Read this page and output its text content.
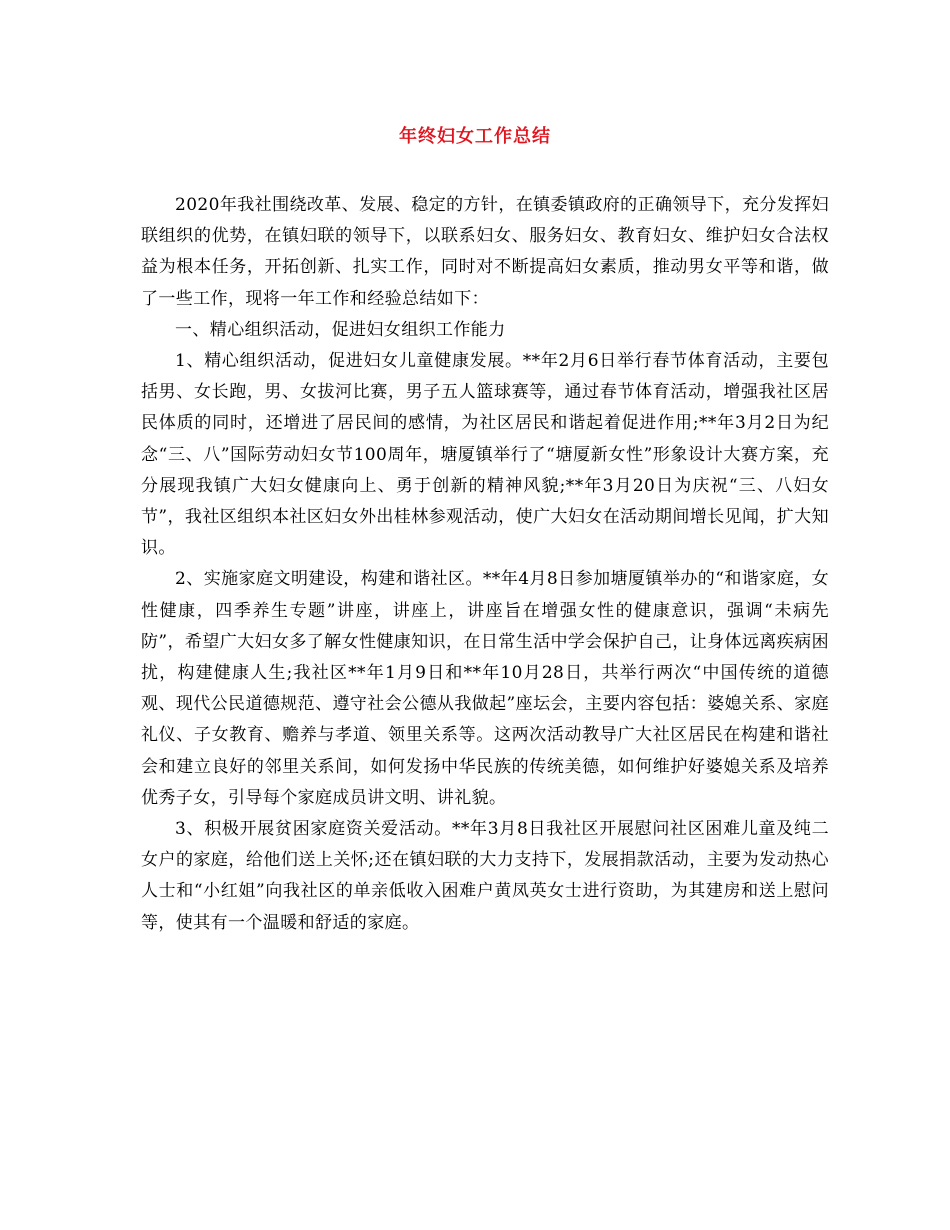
年终妇女工作总结

2020年我社围绕改革、发展、稳定的方针，在镇委镇政府的正确领导下，充分发挥妇联组织的优势，在镇妇联的领导下，以联系妇女、服务妇女、教育妇女、维护妇女合法权益为根本任务，开拓创新、扎实工作，同时对不断提高妇女素质，推动男女平等和谐，做了一些工作，现将一年工作和经验总结如下：

一、精心组织活动，促进妇女组织工作能力

1、精心组织活动，促进妇女儿童健康发展。**年2月6日举行春节体育活动，主要包括男、女长跑，男、女拔河比赛，男子五人篮球赛等，通过春节体育活动，增强我社区居民体质的同时，还增进了居民间的感情，为社区居民和谐起着促进作用;**年3月2日为纪念“三、八”国际劳动妇女节100周年，塘厦镇举行了“塘厦新女性”形象设计大赛方案，充分展现我镇广大妇女健康向上、勇于创新的精神风貌;**年3月20日为庆祝“三、八妇女节”，我社区组织本社区妇女外出桂林参观活动，使广大妇女在活动期间增长见闻，扩大知识。

2、实施家庭文明建设，构建和谐社区。**年4月8日参加塘厦镇举办的“和谐家庭，女性健康，四季养生专题”讲座，讲座上，讲座旨在增强女性的健康意识，强调“未病先防”，希望广大妇女多了解女性健康知识，在日常生活中学会保护自己，让身体远离疾病困扰，构建健康人生;我社区**年1月9日和**年10月28日，共举行两次“中国传统的道德观、现代公民道德规范、遵守社会公德从我做起”座坛会，主要内容包括：婆媳关系、家庭礼仪、子女教育、赡养与孝道、领里关系等。这两次活动教导广大社区居民在构建和谐社会和建立良好的邻里关系间，如何发扬中华民族的传统美德，如何维护好婆媳关系及培养优秀子女，引导每个家庭成员讲文明、讲礼貌。

3、积极开展贫困家庭资关爱活动。**年3月8日我社区开展慰问社区困难儿童及纯二女户的家庭，给他们送上关怀;还在镇妇联的大力支持下，发展捐款活动，主要为发动热心人士和“小红姐”向我社区的单亲低收入困难户黄凤英女士进行资助，为其建房和送上慰问等，使其有一个温暖和舒适的家庭。
